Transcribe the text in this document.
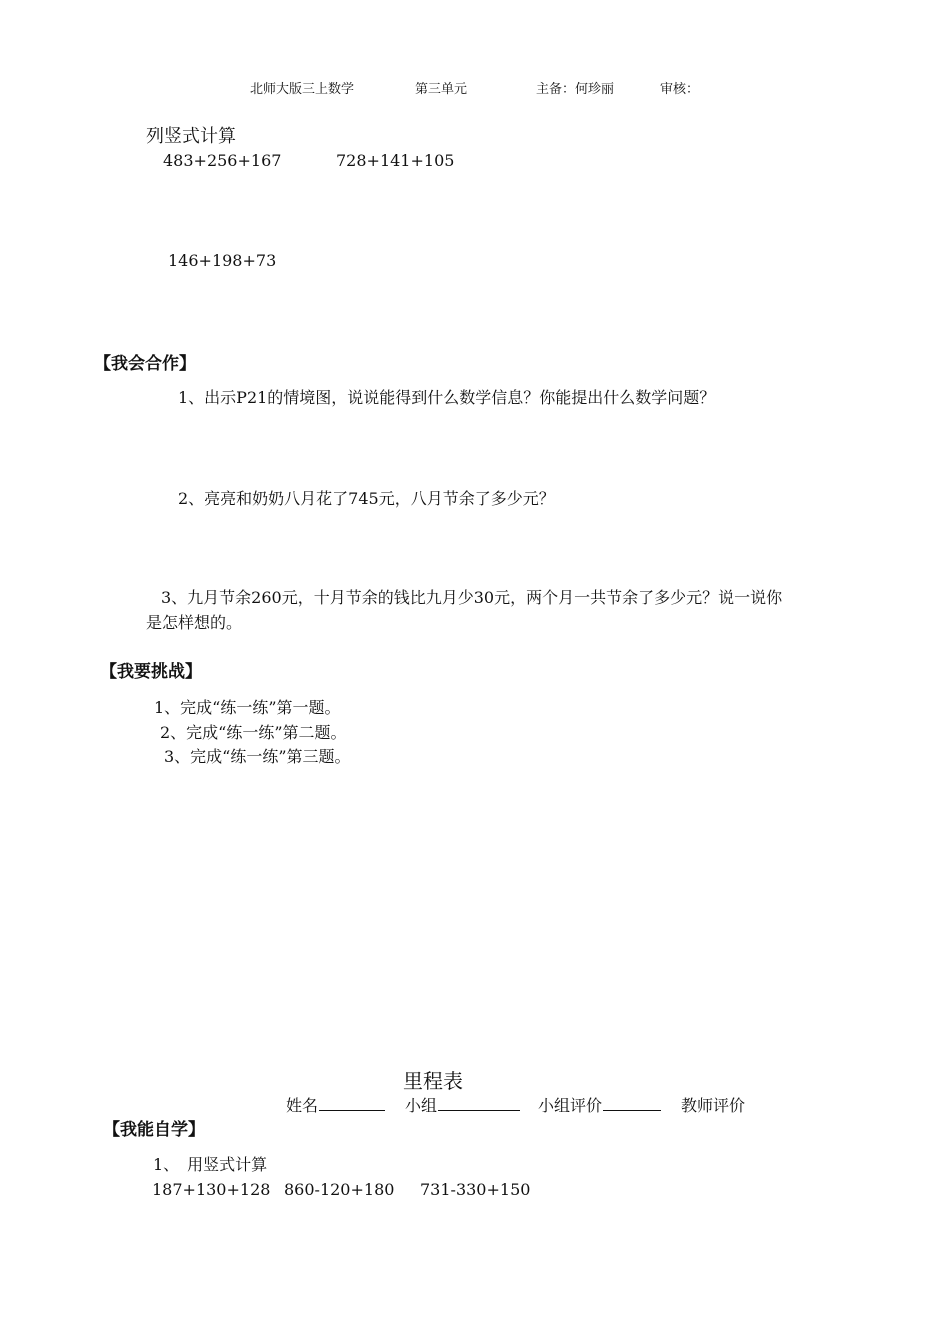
北师大版三上数学	第三单元	主备：何珍丽	审核：
列竖式计算
483+256+167	728+141+105
146+198+73
【我会合作】
1、出示P21的情境图，说说能得到什么数学信息？你能提出什么数学问题？
2、亮亮和奶奶八月花了745元，八月节余了多少元？
3、九月节余260元，十月节余的钱比九月少30元，两个月一共节余了多少元？说一说你
是怎样想的。
【我要挑战】
1、完成“练一练”第一题。
2、完成“练一练”第二题。
3、完成“练一练”第三题。
里程表
姓名	小组	小组评价	教师评价
【我能自学】
1、　用竖式计算
187+130+128 860-120+180 731-330+150
